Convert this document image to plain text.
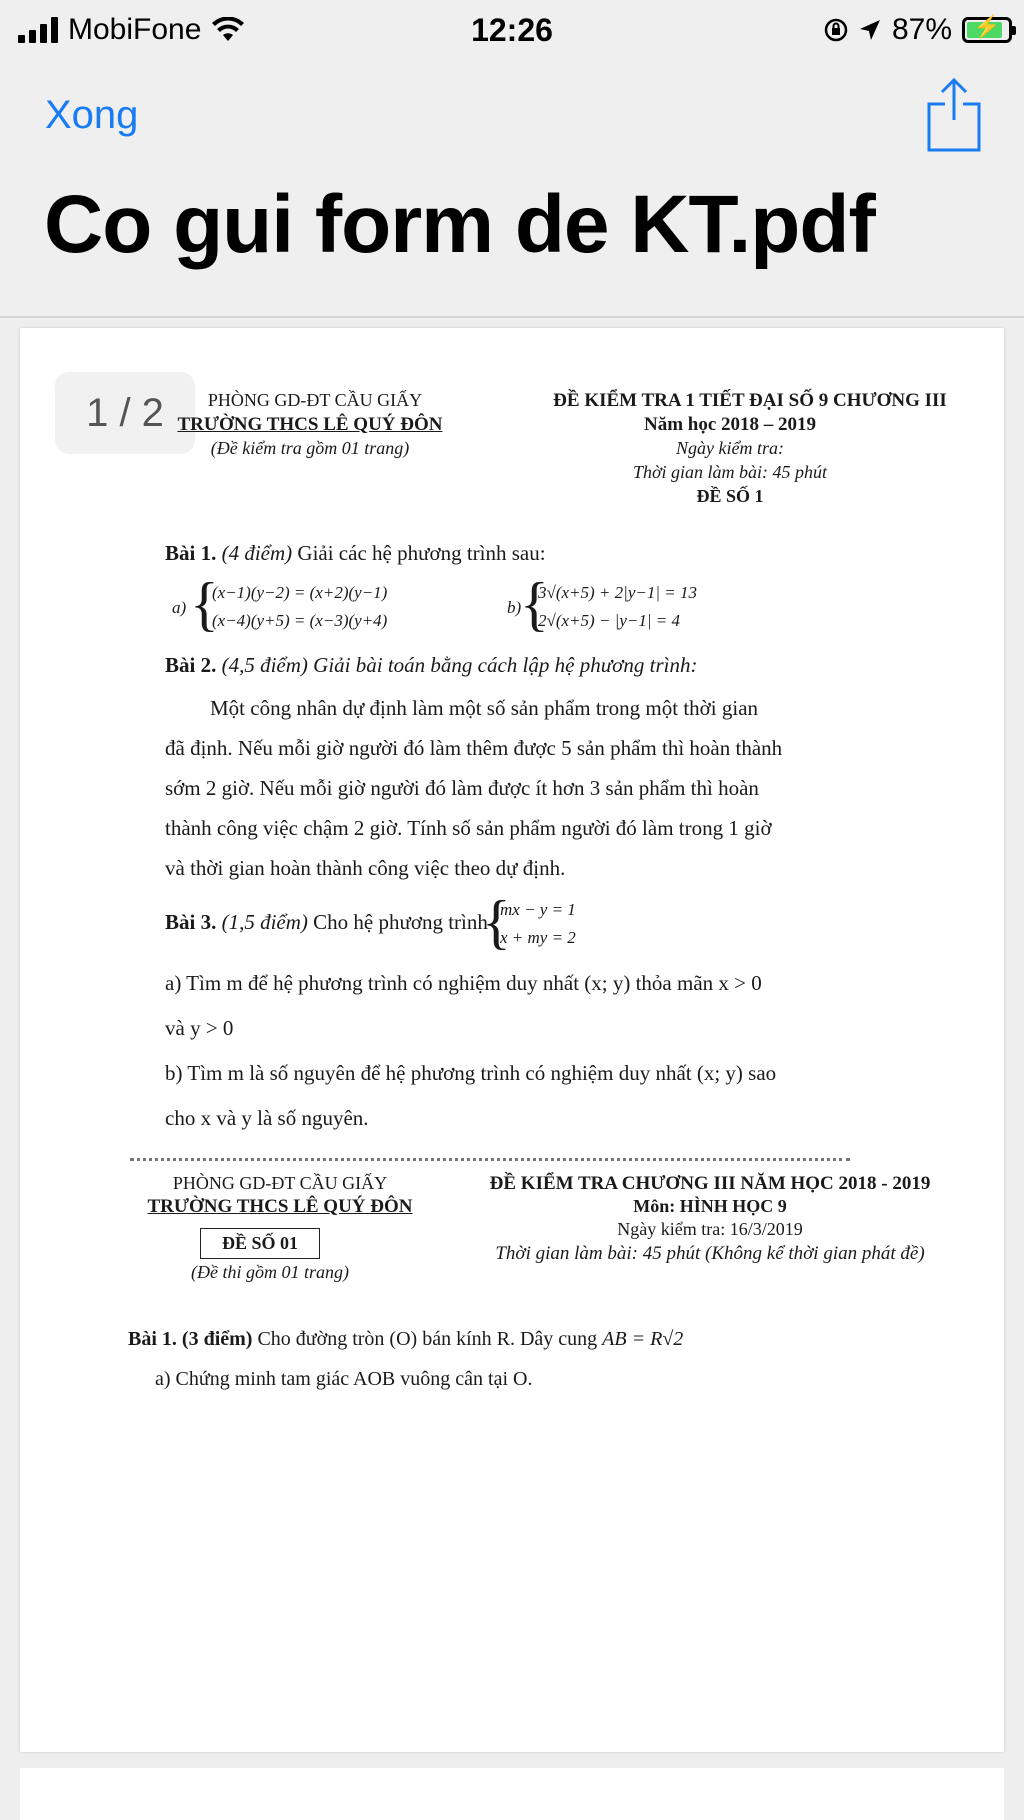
MobiFone	12:26	87% ⚡
Xong
Co gui form de KT.pdf
1 / 2	PHÒNG GD-ĐT CẦU GIẤY
TRƯỜNG THCS LÊ QUÝ ĐÔN
(Đề kiểm tra gồm 01 trang)
ĐỀ KIỂM TRA 1 TIẾT ĐẠI SỐ 9 CHƯƠNG III
Năm học 2018 – 2019
Ngày kiểm tra:
Thời gian làm bài: 45 phút
ĐỀ SỐ 1
Bài 1. (4 điểm) Giải các hệ phương trình sau:
a) {
(x−1)(y−2) = (x+2)(y−1)
(x−4)(y+5) = (x−3)(y+4)
b)
{
3√(x+5) + 2|y−1| = 13
2√(x+5) − |y−1| = 4
Bài 2. (4,5 điểm) Giải bài toán bằng cách lập hệ phương trình:
Một công nhân dự định làm một số sản phẩm trong một thời gian
đã định. Nếu mỗi giờ người đó làm thêm được 5 sản phẩm thì hoàn thành
sớm 2 giờ. Nếu mỗi giờ người đó làm được ít hơn 3 sản phẩm thì hoàn
thành công việc chậm 2 giờ. Tính số sản phẩm người đó làm trong 1 giờ
và thời gian hoàn thành công việc theo dự định.
Bài 3. (1,5 điểm) Cho hệ phương trình
{
mx − y = 1
x + my = 2
a) Tìm m để hệ phương trình có nghiệm duy nhất (x; y) thỏa mãn x > 0
và y > 0
b) Tìm m là số nguyên để hệ phương trình có nghiệm duy nhất (x; y) sao
cho x và y là số nguyên.
PHÒNG GD-ĐT CẦU GIẤY
TRƯỜNG THCS LÊ QUÝ ĐÔN
ĐỀ SỐ 01
(Đề thi gồm 01 trang)
ĐỀ KIỂM TRA CHƯƠNG III NĂM HỌC 2018 - 2019
Môn: HÌNH HỌC 9
Ngày kiểm tra: 16/3/2019
Thời gian làm bài: 45 phút (Không kể thời gian phát đề)
Bài 1. (3 điểm) Cho đường tròn (O) bán kính R. Dây cung AB = R√2
a) Chứng minh tam giác AOB vuông cân tại O.
